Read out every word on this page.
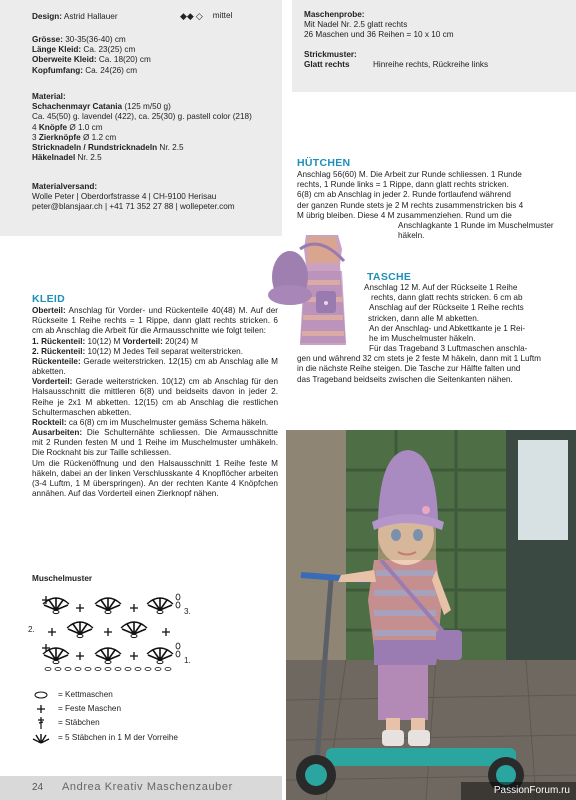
Design: Astrid Hallauer	◆◆ ◇ mittel
Grösse: 30-35(36-40) cm
Länge Kleid: Ca. 23(25) cm
Oberweite Kleid: Ca. 18(20) cm
Kopfumfang: Ca. 24(26) cm
Material:
Schachenmayr Catania (125 m/50 g)
Ca. 45(50) g. lavendel (422), ca. 25(30) g. pastell color (218)
4 Knöpfe Ø 1.0 cm
3 Zierknöpfe Ø 1.2 cm
Stricknadeln / Rundstricknadeln Nr. 2.5
Häkelnadel Nr. 2.5
Materialversand:
Wolle Peter | Oberdorfstrasse 4 | CH-9100 Herisau
peter@blansjaar.ch | +41 71 352 27 88 | wollepeter.com
Maschenprobe:
Mit Nadel Nr. 2.5 glatt rechts
26 Maschen und 36 Reihen = 10 x 10 cm
Strickmuster:
Glatt rechts	Hinreihe rechts, Rückreihe links
HÜTCHEN
Anschlag 56(60) M. Die Arbeit zur Runde schliessen. 1 Runde
rechts, 1 Runde links = 1 Rippe, dann glatt rechts stricken.
6(8) cm ab Anschlag in jeder 2. Runde fortlaufend während
der ganzen Runde stets je 2 M rechts zusammenstricken bis 4
M übrig bleiben. Diese 4 M zusammenziehen. Rund um die
Anschlagkante 1 Runde im Muschelmuster
häkeln.
TASCHE
Anschlag 12 M. Auf der Rückseite 1 Reihe
rechts, dann glatt rechts stricken. 6 cm ab
Anschlag auf der Rückseite 1 Reihe rechts
stricken, dann alle M abketten.
An der Anschlag- und Abkettkante je 1 Rei-
he im Muschelmuster häkeln.
Für das Trageband 3 Luftmaschen anschla-
gen und während 32 cm stets je 2 feste M häkeln, dann mit 1 Luftm
in die nächste Reihe steigen. Die Tasche zur Hälfte falten und
das Trageband beidseits zwischen die Seitenkanten nähen.
KLEID

Oberteil: Anschlag für Vorder- und Rückenteile 40(48) M. Auf der Rückseite 1 Reihe rechts = 1 Rippe, dann glatt rechts stricken. 6 cm ab Anschlag die Arbeit für die Armausschnitte wie folgt teilen:

1. Rückenteil: 10(12) M Vorderteil: 20(24) M

2. Rückenteil: 10(12) M Jedes Teil separat weiterstricken.

Rückenteile: Gerade weiterstricken. 12(15) cm ab Anschlag alle M abketten.

Vorderteil: Gerade weiterstricken. 10(12) cm ab Anschlag für den Halsausschnitt die mittleren 6(8) und beidseits davon in jeder 2. Reihe je 2x1 M abketten. 12(15) cm ab Anschlag die restlichen Schultermaschen abketten.

Rockteil: ca 6(8) cm im Muschelmuster gemäss Schema häkeln.

Ausarbeiten: Die Schulternähte schliessen. Die Armausschnitte mit 2 Runden festen M und 1 Reihe im Muschelmuster umhäkeln. Die Rocknaht bis zur Taille schliessen.

Um die Rückenöffnung und den Halsausschnitt 1 Reihe feste M häkeln, dabei an der linken Verschlusskante 4 Knopflöcher arbeiten (3-4 Luftm, 1 M überspringen). An der rechten Kante 4 Knöpfchen annähen. Auf das Vorderteil einen Zierknopf nähen.

Muschelmuster
3.
2.
1.
= Kettmaschen
= Feste Maschen
= Stäbchen
= 5 Stäbchen in 1 M der Vorreihe
PassionForum.ru
24 Andrea Kreativ Maschenzauber
